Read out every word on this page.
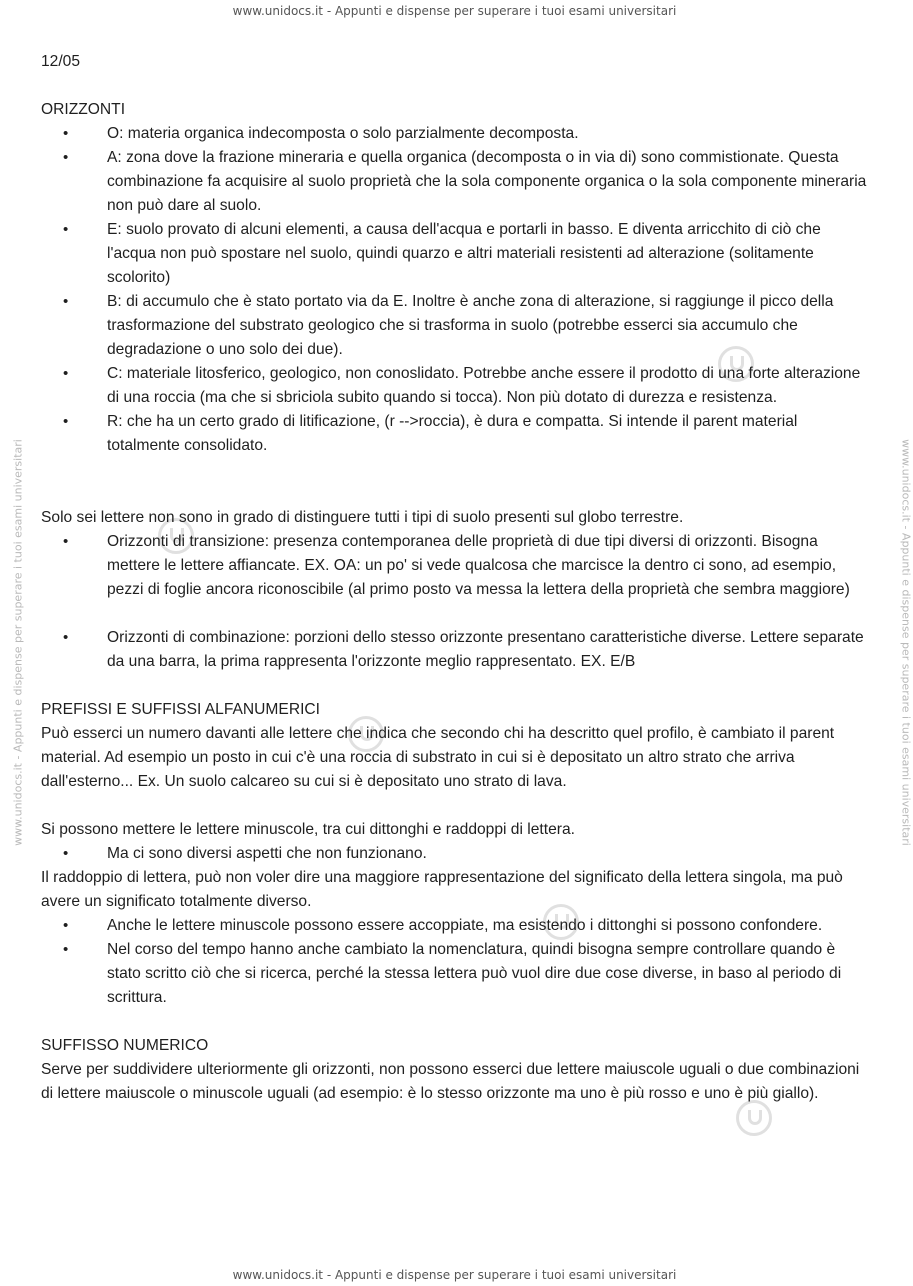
www.unidocs.it - Appunti e dispense per superare i tuoi esami universitari
www.unidocs.it - Appunti e dispense per superare i tuoi esami universitari	www.unidocs.it - Appunti e dispense per superare i tuoi esami universitari

12/05

ORIZZONTI

• O: materia organica indecomposta o solo parzialmente decomposta.
• A: zona dove la frazione mineraria e quella organica (decomposta o in via di) sono commistionate. Questa combinazione fa acquisire al suolo proprietà che la sola componente organica o la sola componente mineraria non può dare al suolo.
• E: suolo provato di alcuni elementi, a causa dell'acqua e portarli in basso. E diventa arricchito di ciò che l'acqua non può spostare nel suolo, quindi quarzo e altri materiali resistenti ad alterazione (solitamente scolorito)
• B: di accumulo che è stato portato via da E. Inoltre è anche zona di alterazione, si raggiunge il picco della trasformazione del substrato geologico che si trasforma in suolo (potrebbe esserci sia accumulo che degradazione o uno solo dei due).
• C: materiale litosferico, geologico, non conoslidato. Potrebbe anche essere il prodotto di una forte alterazione di una roccia (ma che si sbriciola subito quando si tocca). Non più dotato di durezza e resistenza.
• R: che ha un certo grado di litificazione, (r -->roccia), è dura e compatta. Si intende il parent material totalmente consolidato.

Solo sei lettere non sono in grado di distinguere tutti i tipi di suolo presenti sul globo terrestre.

• Orizzonti di transizione: presenza contemporanea delle proprietà di due tipi diversi di orizzonti. Bisogna mettere le lettere affiancate. EX. OA: un po' si vede qualcosa che marcisce la dentro ci sono, ad esempio, pezzi di foglie ancora riconoscibile (al primo posto va messa la lettera della proprietà che sembra maggiore)
• Orizzonti di combinazione: porzioni dello stesso orizzonte presentano caratteristiche diverse. Lettere separate da una barra, la prima rappresenta l'orizzonte meglio rappresentato. EX. E/B

PREFISSI E SUFFISSI ALFANUMERICI

Può esserci un numero davanti alle lettere che indica che secondo chi ha descritto quel profilo, è cambiato il parent material. Ad esempio un posto in cui c'è una roccia di substrato in cui si è depositato un altro strato che arriva dall'esterno... Ex. Un suolo calcareo su cui si è depositato uno strato di lava.

Si possono mettere le lettere minuscole, tra cui dittonghi e raddoppi di lettera.

• Ma ci sono diversi aspetti che non funzionano.

Il raddoppio di lettera, può non voler dire una maggiore rappresentazione del significato della lettera singola, ma può avere un significato totalmente diverso.

• Anche le lettere minuscole possono essere accoppiate, ma esistendo i dittonghi si possono confondere.
• Nel corso del tempo hanno anche cambiato la nomenclatura, quindi bisogna sempre controllare quando è stato scritto ciò che si ricerca, perché la stessa lettera può vuol dire due cose diverse, in baso al periodo di scrittura.

SUFFISSO NUMERICO

Serve per suddividere ulteriormente gli orizzonti, non possono esserci due lettere maiuscole uguali o due combinazioni di lettere maiuscole o minuscole uguali (ad esempio: è lo stesso orizzonte ma uno è più rosso e uno è più giallo).

www.unidocs.it - Appunti e dispense per superare i tuoi esami universitari
